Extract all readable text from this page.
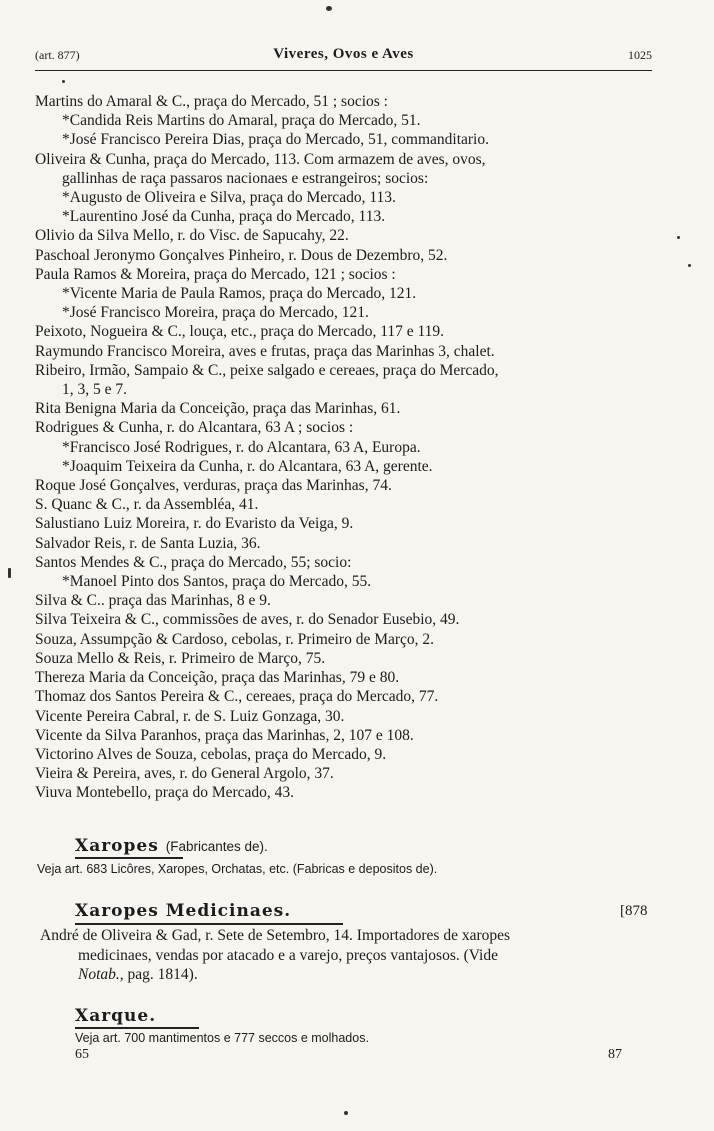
(art. 877)	Viveres, Ovos e Aves	1025
Martins do Amaral & C., praça do Mercado, 51 ; socios :
*Candida Reis Martins do Amaral, praça do Mercado, 51.
*José Francisco Pereira Dias, praça do Mercado, 51, commanditario.
Oliveira & Cunha, praça do Mercado, 113. Com armazem de aves, ovos,
gallinhas de raça passaros nacionaes e estrangeiros; socios:
*Augusto de Oliveira e Silva, praça do Mercado, 113.
*Laurentino José da Cunha, praça do Mercado, 113.
Olivio da Silva Mello, r. do Visc. de Sapucahy, 22.
Paschoal Jeronymo Gonçalves Pinheiro, r. Dous de Dezembro, 52.
Paula Ramos & Moreira, praça do Mercado, 121 ; socios :
*Vicente Maria de Paula Ramos, praça do Mercado, 121.
*José Francisco Moreira, praça do Mercado, 121.
Peixoto, Nogueira & C., louça, etc., praça do Mercado, 117 e 119.
Raymundo Francisco Moreira, aves e frutas, praça das Marinhas 3, chalet.
Ribeiro, Irmão, Sampaio & C., peixe salgado e cereaes, praça do Mercado,
1, 3, 5 e 7.
Rita Benigna Maria da Conceição, praça das Marinhas, 61.
Rodrigues & Cunha, r. do Alcantara, 63 A ; socios :
*Francisco José Rodrigues, r. do Alcantara, 63 A, Europa.
*Joaquim Teixeira da Cunha, r. do Alcantara, 63 A, gerente.
Roque José Gonçalves, verduras, praça das Marinhas, 74.
S. Quanc & C., r. da Assembléa, 41.
Salustiano Luiz Moreira, r. do Evaristo da Veiga, 9.
Salvador Reis, r. de Santa Luzia, 36.
Santos Mendes & C., praça do Mercado, 55; socio:
*Manoel Pinto dos Santos, praça do Mercado, 55.
Silva & C.. praça das Marinhas, 8 e 9.
Silva Teixeira & C., commissões de aves, r. do Senador Eusebio, 49.
Souza, Assumpção & Cardoso, cebolas, r. Primeiro de Março, 2.
Souza Mello & Reis, r. Primeiro de Março, 75.
Thereza Maria da Conceição, praça das Marinhas, 79 e 80.
Thomaz dos Santos Pereira & C., cereaes, praça do Mercado, 77.
Vicente Pereira Cabral, r. de S. Luiz Gonzaga, 30.
Vicente da Silva Paranhos, praça das Marinhas, 2, 107 e 108.
Victorino Alves de Souza, cebolas, praça do Mercado, 9.
Vieira & Pereira, aves, r. do General Argolo, 37.
Viuva Montebello, praça do Mercado, 43.
Xaropes (Fabricantes de).
Veja art. 683 Licôres, Xaropes, Orchatas, etc. (Fabricas e depositos de).
Xaropes Medicinaes.	[878
André de Oliveira & Gad, r. Sete de Setembro, 14. Importadores de xaropes
medicinaes, vendas por atacado e a varejo, preços vantajosos. (Vide
Notab., pag. 1814).
Xarque.
Veja art. 700 mantimentos e 777 seccos e molhados.
65	87
